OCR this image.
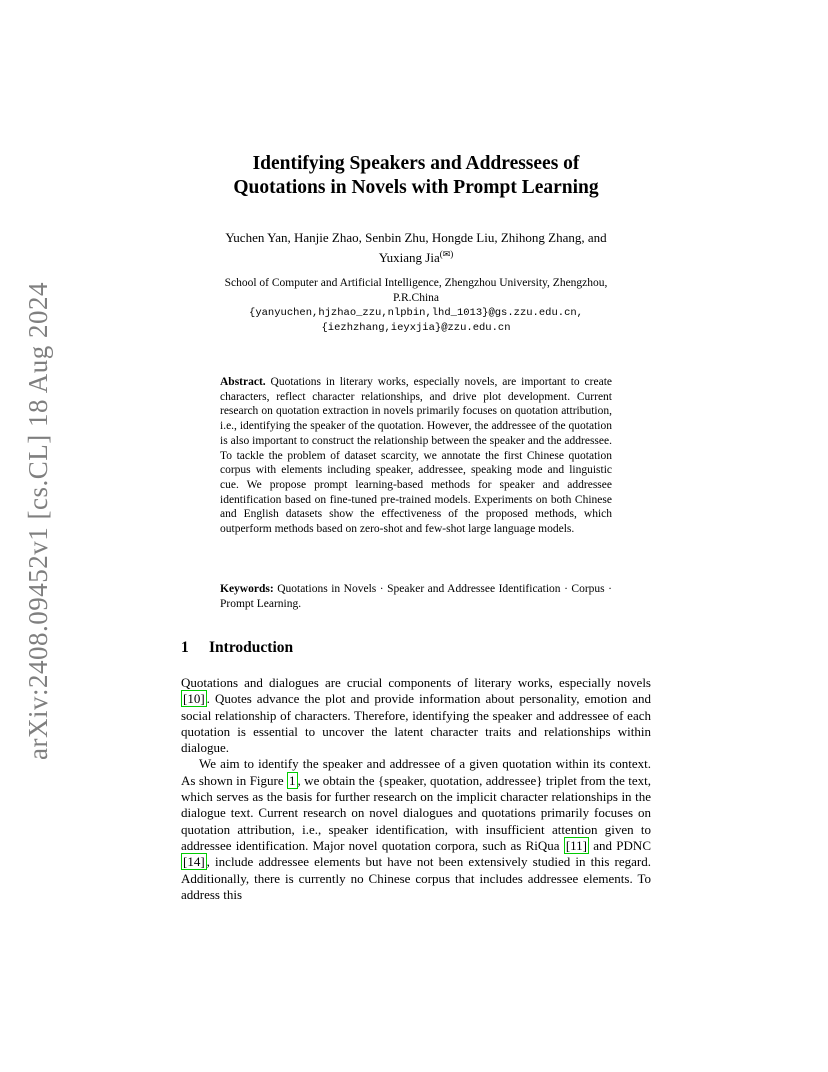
arXiv:2408.09452v1 [cs.CL] 18 Aug 2024
Identifying Speakers and Addressees of
Quotations in Novels with Prompt Learning
Yuchen Yan, Hanjie Zhao, Senbin Zhu, Hongde Liu, Zhihong Zhang, and
Yuxiang Jia(✉)
School of Computer and Artificial Intelligence, Zhengzhou University, Zhengzhou,
P.R.China
{yanyuchen,hjzhao_zzu,nlpbin,lhd_1013}@gs.zzu.edu.cn,
{iezhzhang,ieyxjia}@zzu.edu.cn
Abstract. Quotations in literary works, especially novels, are important to create characters, reflect character relationships, and drive plot development. Current research on quotation extraction in novels primarily focuses on quotation attribution, i.e., identifying the speaker of the quotation. However, the addressee of the quotation is also important to construct the relationship between the speaker and the addressee. To tackle the problem of dataset scarcity, we annotate the first Chinese quotation corpus with elements including speaker, addressee, speaking mode and linguistic cue. We propose prompt learning-based methods for speaker and addressee identification based on fine-tuned pre-trained models. Experiments on both Chinese and English datasets show the effectiveness of the proposed methods, which outperform methods based on zero-shot and few-shot large language models.
Keywords: Quotations in Novels · Speaker and Addressee Identification · Corpus · Prompt Learning.
1 Introduction

Quotations and dialogues are crucial components of literary works, especially novels [10] . Quotes advance the plot and provide information about personality, emotion and social relationship of characters. Therefore, identifying the speaker and addressee of each quotation is essential to uncover the latent character traits and relationships within dialogue.

We aim to identify the speaker and addressee of a given quotation within its context. As shown in Figure 1 , we obtain the {speaker, quotation, addressee} triplet from the text, which serves as the basis for further research on the implicit character relationships in the dialogue text. Current research on novel dialogues and quotations primarily focuses on quotation attribution, i.e., speaker identification, with insufficient attention given to addressee identification. Major novel quotation corpora, such as RiQua [11] and PDNC [14] , include addressee elements but have not been extensively studied in this regard. Additionally, there is currently no Chinese corpus that includes addressee elements. To address this
